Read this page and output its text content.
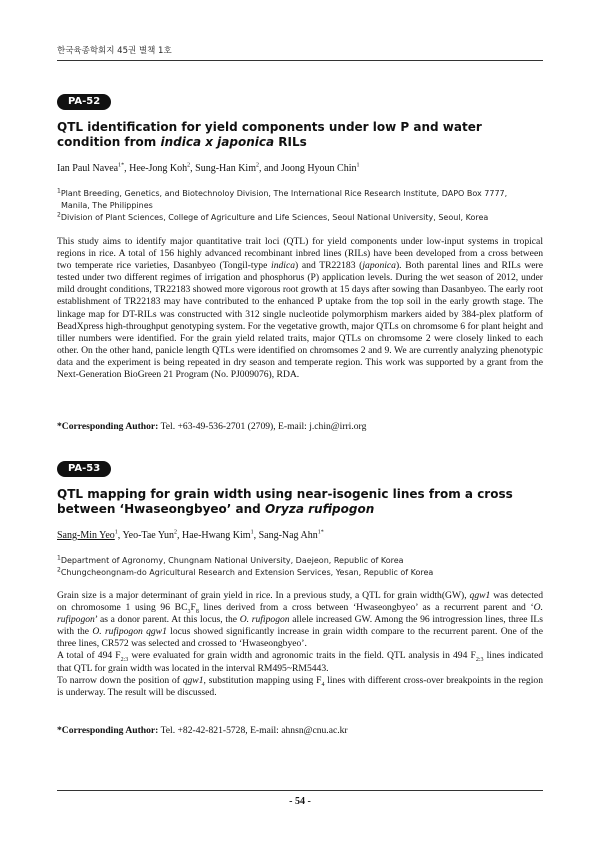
한국육종학회지 45권 별책 1호
PA-52
QTL identification for yield components under low P and water condition from indica x japonica RILs
Ian Paul Navea$^{1*}$, Hee-Jong Koh$^2$, Sung-Han Kim$^2$, and Joong Hyoun Chin$^1$
$^1$Plant Breeding, Genetics, and Biotechnoloy Division, The International Rice Research Institute, DAPO Box 7777,
Manila, The Philippines
$^2$Division of Plant Sciences, College of Agriculture and Life Sciences, Seoul National University, Seoul, Korea

This study aims to identify major quantitative trait loci (QTL) for yield components under low-input systems in tropical regions in rice. A total of 156 highly advanced recombinant inbred lines (RILs) have been developed from a cross between two temperate rice varieties, Dasanbyeo (Tongil-type indica) and TR22183 (japonica). Both parental lines and RILs were tested under two different regimes of irrigation and phosphorus (P) application levels. During the wet season of 2012, under mild drought conditions, TR22183 showed more vigorous root growth at 15 days after sowing than Dasanbyeo. The early root establishment of TR22183 may have contributed to the enhanced P uptake from the top soil in the early growth stage. The linkage map for DT-RILs was constructed with 312 single nucleotide polymorphism markers aided by 384-plex platform of BeadXpress high-throughput genotyping system. For the vegetative growth, major QTLs on chromsome 6 for plant height and tiller numbers were identified. For the grain yield related traits, major QTLs on chromsome 2 were closely linked to each other. On the other hand, panicle length QTLs were identified on chromsomes 2 and 9. We are currently analyzing phenotypic data and the experiment is being repeated in dry season and temperate region. This work was supported by a grant from the Next-Generation BioGreen 21 Program (No. PJ009076), RDA.

*Corresponding Author: Tel. +63-49-536-2701 (2709), E-mail: j.chin@irri.org
PA-53
QTL mapping for grain width using near-isogenic lines from a cross between ‘Hwaseongbyeo’ and Oryza rufipogon
Sang-Min Yeo$^1$, Yeo-Tae Yun$^2$, Hae-Hwang Kim$^1$, Sang-Nag Ahn$^{1*}$
$^1$Department of Agronomy, Chungnam National University, Daejeon, Republic of Korea
$^2$Chungcheongnam-do Agricultural Research and Extension Services, Yesan, Republic of Korea

Grain size is a major determinant of grain yield in rice. In a previous study, a QTL for grain width(GW), qgw1 was detected on chromosome 1 using 96 $BC_3F_8$ lines derived from a cross between ‘Hwaseongbyeo’ as a recurrent parent and ‘O. rufipogon’ as a donor parent. At this locus, the O. rufipogon allele increased GW. Among the 96 introgression lines, three ILs with the O. rufipogon qgw1 locus showed significantly increase in grain width compare to the recurrent parent. One of the three lines, CR572 was selected and crossed to ‘Hwaseongbyeo’.

A total of 494 $F_{2:3}$ were evaluated for grain width and agronomic traits in the field. QTL analysis in 494 $F_{2:3}$ lines indicated that QTL for grain width was located in the interval RM495~RM5443.

To narrow down the position of qgw1, substitution mapping using $F_4$ lines with different cross-over breakpoints in the region is underway. The result will be discussed.

*Corresponding Author: Tel. +82-42-821-5728, E-mail: ahnsn@cnu.ac.kr
- 54 -
